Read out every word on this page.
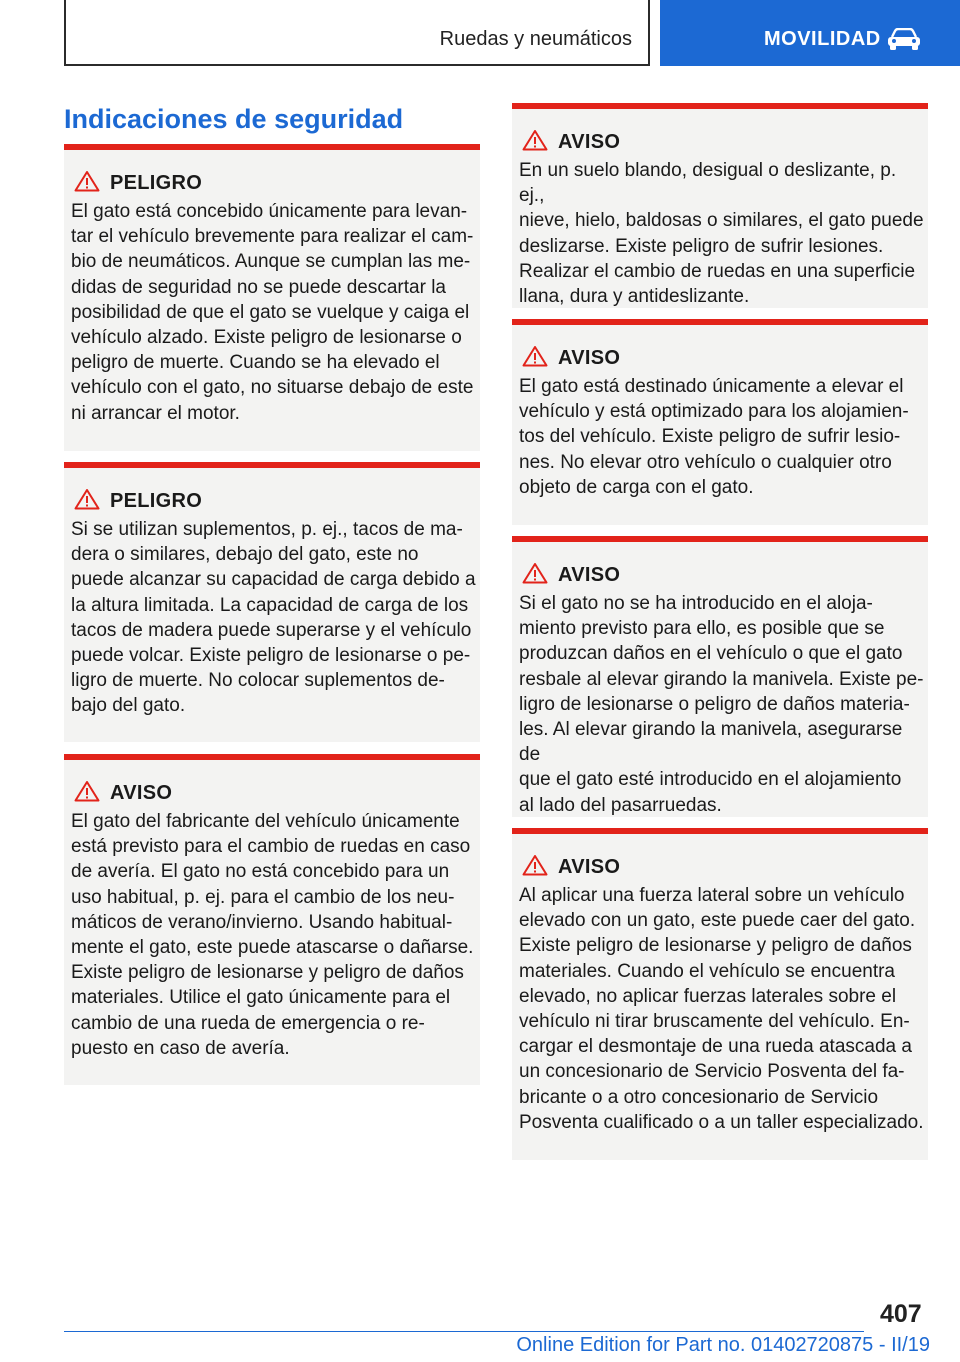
Ruedas y neumáticos	MOVILIDAD
Indicaciones de seguridad
PELIGRO
El gato está concebido únicamente para levan-
tar el vehículo brevemente para realizar el cam-
bio de neumáticos. Aunque se cumplan las me-
didas de seguridad no se puede descartar la
posibilidad de que el gato se vuelque y caiga el
vehículo alzado. Existe peligro de lesionarse o
peligro de muerte. Cuando se ha elevado el
vehículo con el gato, no situarse debajo de este
ni arrancar el motor.
PELIGRO
Si se utilizan suplementos, p. ej., tacos de ma-
dera o similares, debajo del gato, este no
puede alcanzar su capacidad de carga debido a
la altura limitada. La capacidad de carga de los
tacos de madera puede superarse y el vehículo
puede volcar. Existe peligro de lesionarse o pe-
ligro de muerte. No colocar suplementos de-
bajo del gato.
AVISO
El gato del fabricante del vehículo únicamente
está previsto para el cambio de ruedas en caso
de avería. El gato no está concebido para un
uso habitual, p. ej. para el cambio de los neu-
máticos de verano/invierno. Usando habitual-
mente el gato, este puede atascarse o dañarse.
Existe peligro de lesionarse y peligro de daños
materiales. Utilice el gato únicamente para el
cambio de una rueda de emergencia o re-
puesto en caso de avería.
AVISO
En un suelo blando, desigual o deslizante, p. ej.,
nieve, hielo, baldosas o similares, el gato puede
deslizarse. Existe peligro de sufrir lesiones.
Realizar el cambio de ruedas en una superficie
llana, dura y antideslizante.
AVISO
El gato está destinado únicamente a elevar el
vehículo y está optimizado para los alojamien-
tos del vehículo. Existe peligro de sufrir lesio-
nes. No elevar otro vehículo o cualquier otro
objeto de carga con el gato.
AVISO
Si el gato no se ha introducido en el aloja-
miento previsto para ello, es posible que se
produzcan daños en el vehículo o que el gato
resbale al elevar girando la manivela. Existe pe-
ligro de lesionarse o peligro de daños materia-
les. Al elevar girando la manivela, asegurarse de
que el gato esté introducido en el alojamiento
al lado del pasarruedas.
AVISO
Al aplicar una fuerza lateral sobre un vehículo
elevado con un gato, este puede caer del gato.
Existe peligro de lesionarse y peligro de daños
materiales. Cuando el vehículo se encuentra
elevado, no aplicar fuerzas laterales sobre el
vehículo ni tirar bruscamente del vehículo. En-
cargar el desmontaje de una rueda atascada a
un concesionario de Servicio Posventa del fa-
bricante o a otro concesionario de Servicio
Posventa cualificado o a un taller especializado.
407
Online Edition for Part no. 01402720875 - II/19
